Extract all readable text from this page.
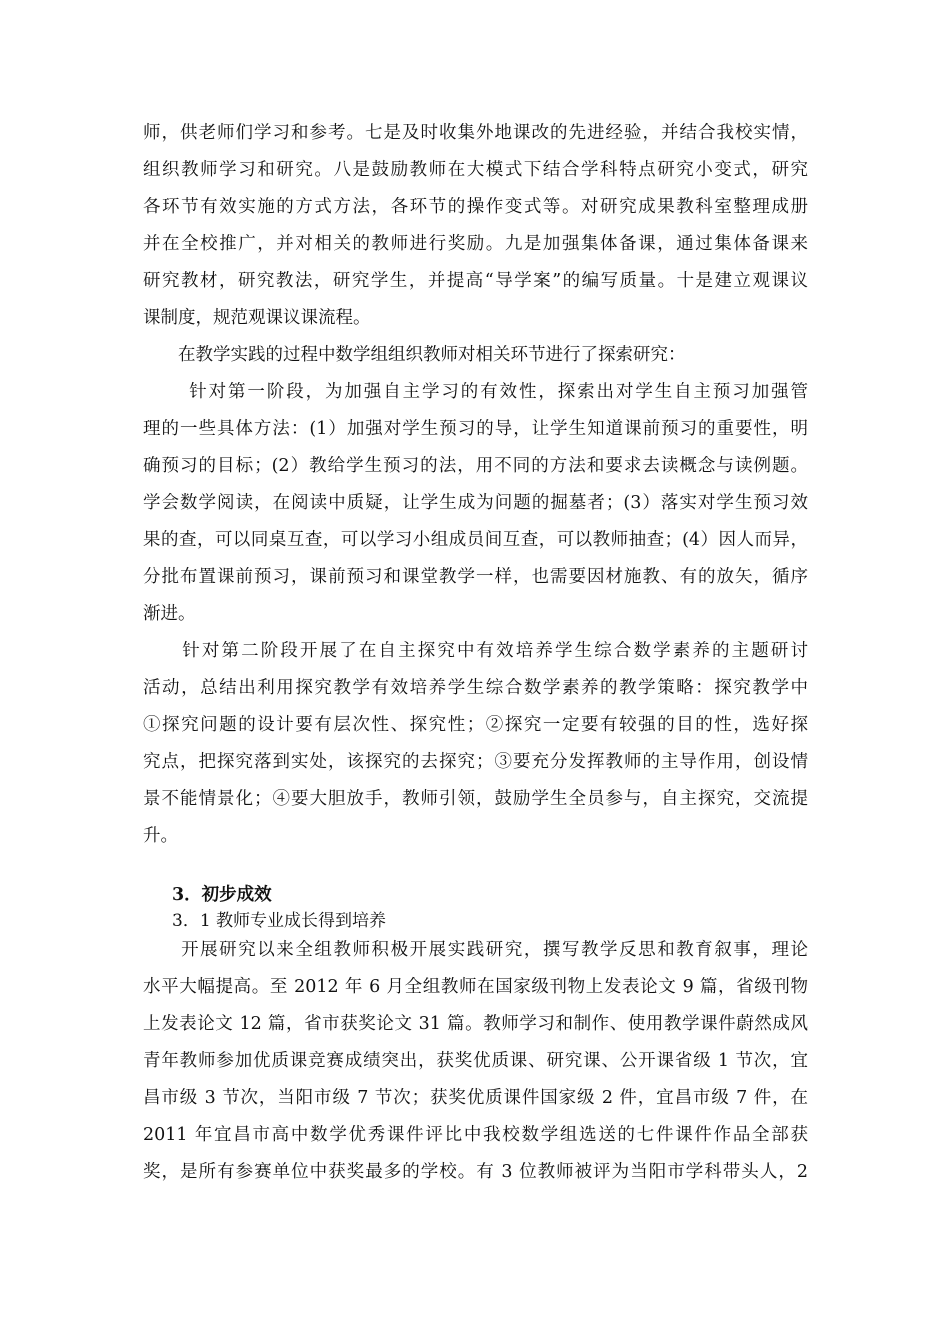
师，供老师们学习和参考。七是及时收集外地课改的先进经验，并结合我校实情，
组织教师学习和研究。八是鼓励教师在大模式下结合学科特点研究小变式，研究
各环节有效实施的方式方法，各环节的操作变式等。对研究成果教科室整理成册
并在全校推广，并对相关的教师进行奖励。九是加强集体备课，通过集体备课来
研究教材，研究教法，研究学生，并提高“导学案”的编写质量。十是建立观课议
课制度，规范观课议课流程。
　　在教学实践的过程中数学组组织教师对相关环节进行了探索研究：
　　 针对第一阶段，为加强自主学习的有效性，探索出对学生自主预习加强管
理的一些具体方法：(1）加强对学生预习的导，让学生知道课前预习的重要性，明
确预习的目标；(2）教给学生预习的法，用不同的方法和要求去读概念与读例题。
学会数学阅读，在阅读中质疑，让学生成为问题的掘墓者；(3）落实对学生预习效
果的查，可以同桌互查，可以学习小组成员间互查，可以教师抽查；(4）因人而异，
分批布置课前预习，课前预习和课堂教学一样，也需要因材施教、有的放矢，循序
渐进。
　　针对第二阶段开展了在自主探究中有效培养学生综合数学素养的主题研讨
活动，总结出利用探究教学有效培养学生综合数学素养的教学策略：探究教学中
①探究问题的设计要有层次性、探究性；②探究一定要有较强的目的性，选好探
究点，把探究落到实处，该探究的去探究；③要充分发挥教师的主导作用，创设情
景不能情景化；④要大胆放手，教师引领，鼓励学生全员参与，自主探究，交流提
升。
3．初步成效
3．1 教师专业成长得到培养
　　开展研究以来全组教师积极开展实践研究，撰写教学反思和教育叙事，理论
水平大幅提高。至 2012 年 6 月全组教师在国家级刊物上发表论文 9 篇，省级刊物
上发表论文 12 篇，省市获奖论文 31 篇。教师学习和制作、使用教学课件蔚然成风
青年教师参加优质课竞赛成绩突出，获奖优质课、研究课、公开课省级 1 节次，宜
昌市级 3 节次，当阳市级 7 节次；获奖优质课件国家级 2 件，宜昌市级 7 件，在
2011 年宜昌市高中数学优秀课件评比中我校数学组选送的七件课件作品全部获
奖，是所有参赛单位中获奖最多的学校。有 3 位教师被评为当阳市学科带头人，2
